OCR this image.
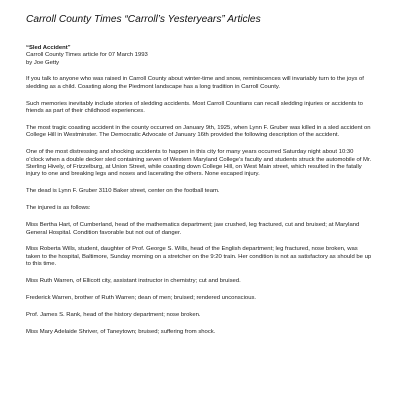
Carroll County Times “Carroll’s Yesteryears” Articles
“Sled Accident”
Carroll County Times article for 07 March 1993
by Joe Getty

If you talk to anyone who was raised in Carroll County about winter-time and snow, reminiscences will invariably turn to the joys of sledding as a child. Coasting along the Piedmont landscape has a long tradition in Carroll County.

Such memories inevitably include stories of sledding accidents. Most Carroll Countians can recall sledding injuries or accidents to friends as part of their childhood experiences.

The most tragic coasting accident in the county occurred on January 9th, 1925, when Lynn F. Gruber was killed in a sled accident on College Hill in Westminster. The Democratic Advocate of January 16th provided the following description of the accident.

One of the most distressing and shocking accidents to happen in this city for many years occurred Saturday night about 10:30 o’clock when a double decker sled containing seven of Western Maryland College’s faculty and students struck the automobile of Mr. Sterling Hively, of Frizzelburg, at Union Street, while coasting down College Hill, on West Main street, which resulted in the fatally injury to one and breaking legs and noses and lacerating the others. None escaped injury.

The dead is Lynn F. Gruber 3110 Baker street, center on the football team.

The injured is as follows:

Miss Bertha Hart, of Cumberland, head of the mathematics department; jaw crushed, leg fractured, cut and bruised; at Maryland General Hospital. Condition favorable but not out of danger.

Miss Roberta Wills, student, daughter of Prof. George S. Wills, head of the English department; leg fractured, nose broken, was taken to the hospital, Baltimore, Sunday morning on a stretcher on the 9:20 train. Her condition is not as satisfactory as should be up to this time.

Miss Ruth Warren, of Ellicott city, assistant instructor in chemistry; cut and bruised.

Frederick Warren, brother of Ruth Warren; dean of men; bruised; rendered unconscious.

Prof. James S. Rank, head of the history department; nose broken.

Miss Mary Adelaide Shriver, of Taneytown; bruised; suffering from shock.
